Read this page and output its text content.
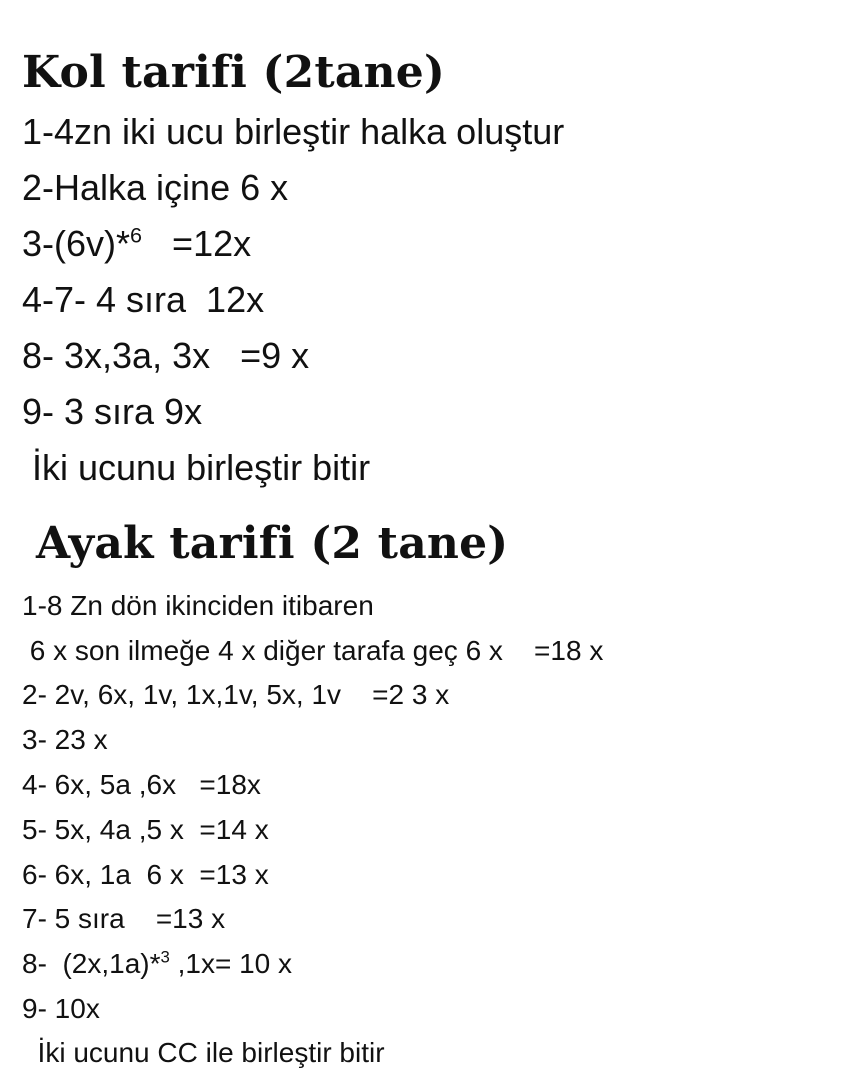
Kol tarifi (2tane)
1-4zn iki ucu birleştir halka oluştur
2-Halka içine 6 x
3-(6v)*$^6$   =12x
4-7- 4 sıra  12x
8- 3x,3a, 3x   =9 x
9- 3 sıra 9x
İki ucunu birleştir bitir
Ayak tarifi (2 tane)
1-8 Zn dön ikinciden itibaren
6 x son ilmeğe 4 x diğer tarafa geç 6 x    =18 x
2- 2v, 6x, 1v, 1x,1v, 5x, 1v    =2 3 x
3- 23 x
4- 6x, 5a ,6x   =18x
5- 5x, 4a ,5 x  =14 x
6- 6x, 1a  6 x  =13 x
7- 5 sıra    =13 x
8-  (2x,1a)*$^3$ ,1x= 10 x
9- 10x
İki ucunu CC ile birleştir bitir
